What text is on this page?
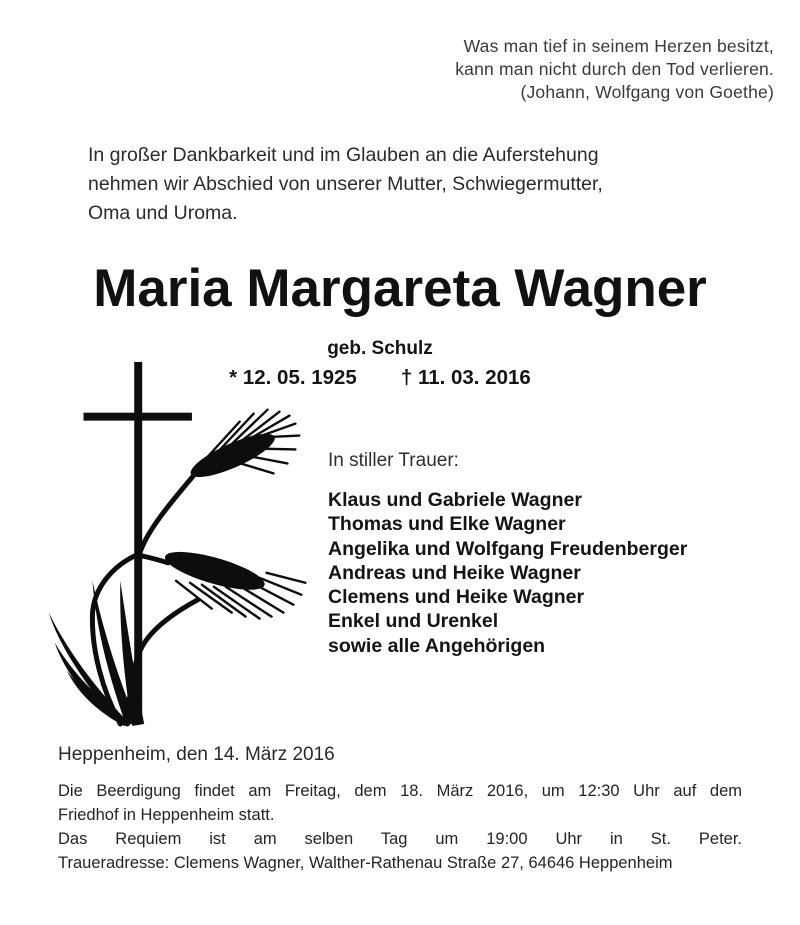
Was man tief in seinem Herzen besitzt,
kann man nicht durch den Tod verlieren.
(Johann, Wolfgang von Goethe)
In großer Dankbarkeit und im Glauben an die Auferstehung
nehmen wir Abschied von unserer Mutter, Schwiegermutter,
Oma und Uroma.
Maria Margareta Wagner
geb. Schulz
* 12. 05. 1925 † 11. 03. 2016
In stiller Trauer:
Klaus und Gabriele Wagner
Thomas und Elke Wagner
Angelika und Wolfgang Freudenberger
Andreas und Heike Wagner
Clemens und Heike Wagner
Enkel und Urenkel
sowie alle Angehörigen
Heppenheim, den 14. März 2016
Die Beerdigung findet am Freitag, dem 18. März 2016, um 12:30 Uhr auf dem
Friedhof in Heppenheim statt.
Das Requiem ist am selben Tag um 19:00 Uhr in St. Peter.
Traueradresse: Clemens Wagner, Walther-Rathenau Straße 27, 64646 Heppenheim
